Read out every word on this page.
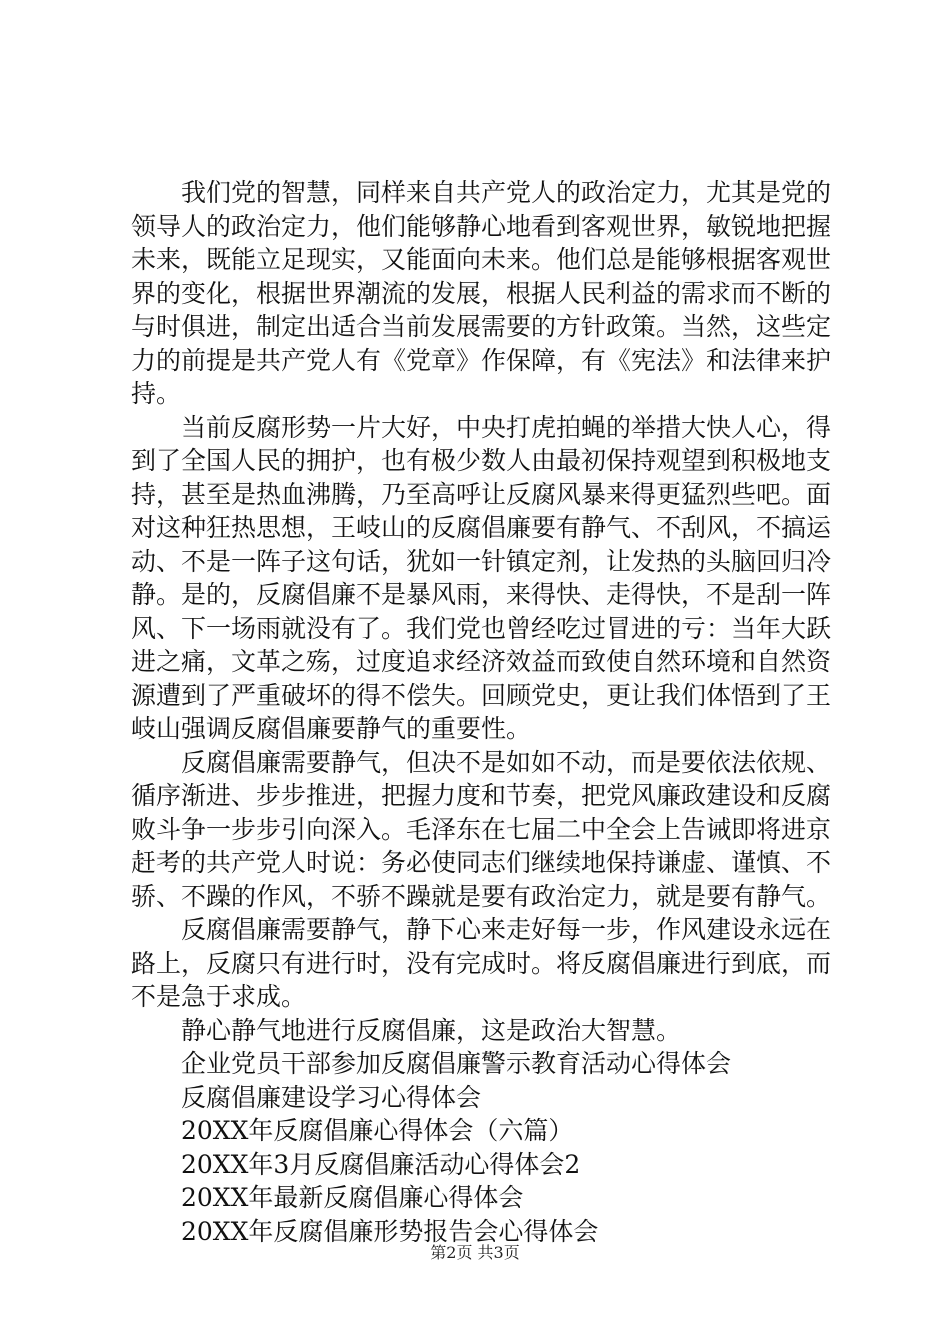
我们党的智慧，同样来自共产党人的政治定力，尤其是党的领导人的政治定力，他们能够静心地看到客观世界，敏锐地把握未来，既能立足现实，又能面向未来。他们总是能够根据客观世界的变化，根据世界潮流的发展，根据人民利益的需求而不断的与时俱进，制定出适合当前发展需要的方针政策。当然，这些定力的前提是共产党人有《党章》作保障，有《宪法》和法律来护持。

当前反腐形势一片大好，中央打虎拍蝇的举措大快人心，得到了全国人民的拥护，也有极少数人由最初保持观望到积极地支持，甚至是热血沸腾，乃至高呼让反腐风暴来得更猛烈些吧。面对这种狂热思想，王岐山的反腐倡廉要有静气、不刮风，不搞运动、不是一阵子这句话，犹如一针镇定剂，让发热的头脑回归冷静。是的，反腐倡廉不是暴风雨，来得快、走得快，不是刮一阵风、下一场雨就没有了。我们党也曾经吃过冒进的亏：当年大跃进之痛，文革之殇，过度追求经济效益而致使自然环境和自然资源遭到了严重破坏的得不偿失。回顾党史，更让我们体悟到了王岐山强调反腐倡廉要静气的重要性。

反腐倡廉需要静气，但决不是如如不动，而是要依法依规、循序渐进、步步推进，把握力度和节奏，把党风廉政建设和反腐败斗争一步步引向深入。毛泽东在七届二中全会上告诫即将进京赶考的共产党人时说：务必使同志们继续地保持谦虚、谨慎、不骄、不躁的作风，不骄不躁就是要有政治定力，就是要有静气。

反腐倡廉需要静气，静下心来走好每一步，作风建设永远在路上，反腐只有进行时，没有完成时。将反腐倡廉进行到底，而不是急于求成。

静心静气地进行反腐倡廉，这是政治大智慧。
企业党员干部参加反腐倡廉警示教育活动心得体会
反腐倡廉建设学习心得体会
20XX年反腐倡廉心得体会（六篇）
20XX年3月反腐倡廉活动心得体会2
20XX年最新反腐倡廉心得体会
20XX年反腐倡廉形势报告会心得体会
第2页 共3页
